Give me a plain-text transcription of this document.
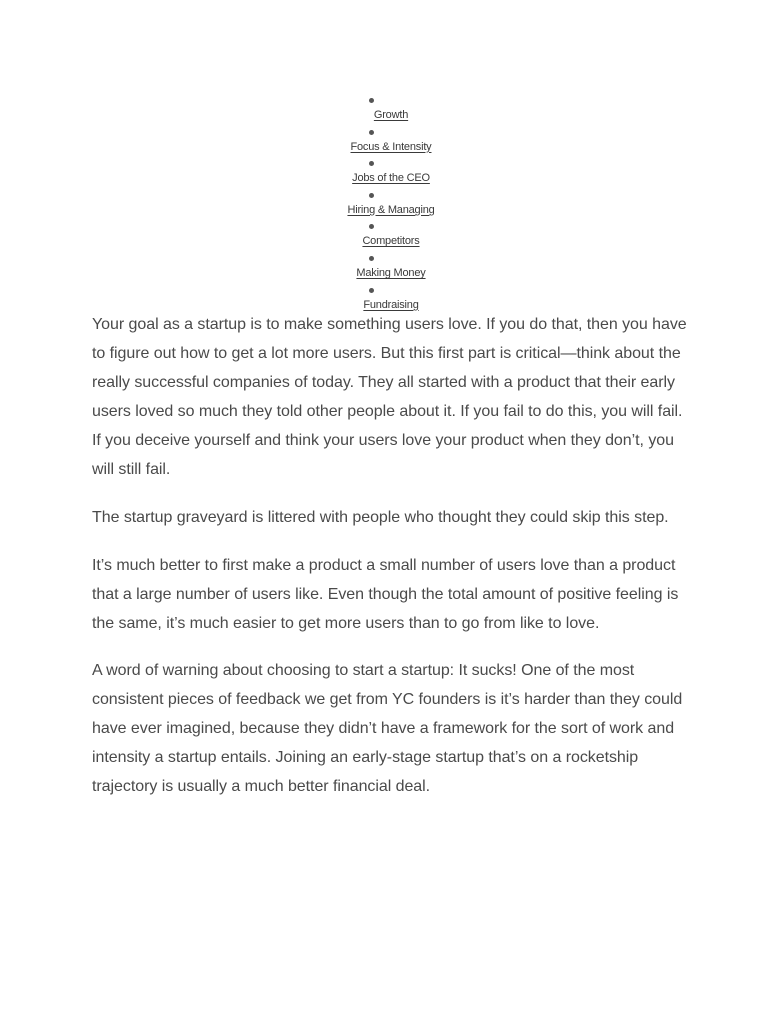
Growth
Focus & Intensity
Jobs of the CEO
Hiring & Managing
Competitors
Making Money
Fundraising

Your goal as a startup is to make something users love. If you do that, then you have to figure out how to get a lot more users. But this first part is critical—think about the really successful companies of today. They all started with a product that their early users loved so much they told other people about it. If you fail to do this, you will fail. If you deceive yourself and think your users love your product when they don’t, you will still fail.

The startup graveyard is littered with people who thought they could skip this step.

It’s much better to first make a product a small number of users love than a product that a large number of users like. Even though the total amount of positive feeling is the same, it’s much easier to get more users than to go from like to love.

A word of warning about choosing to start a startup: It sucks! One of the most consistent pieces of feedback we get from YC founders is it’s harder than they could have ever imagined, because they didn’t have a framework for the sort of work and intensity a startup entails. Joining an early-stage startup that’s on a rocketship trajectory is usually a much better financial deal.
